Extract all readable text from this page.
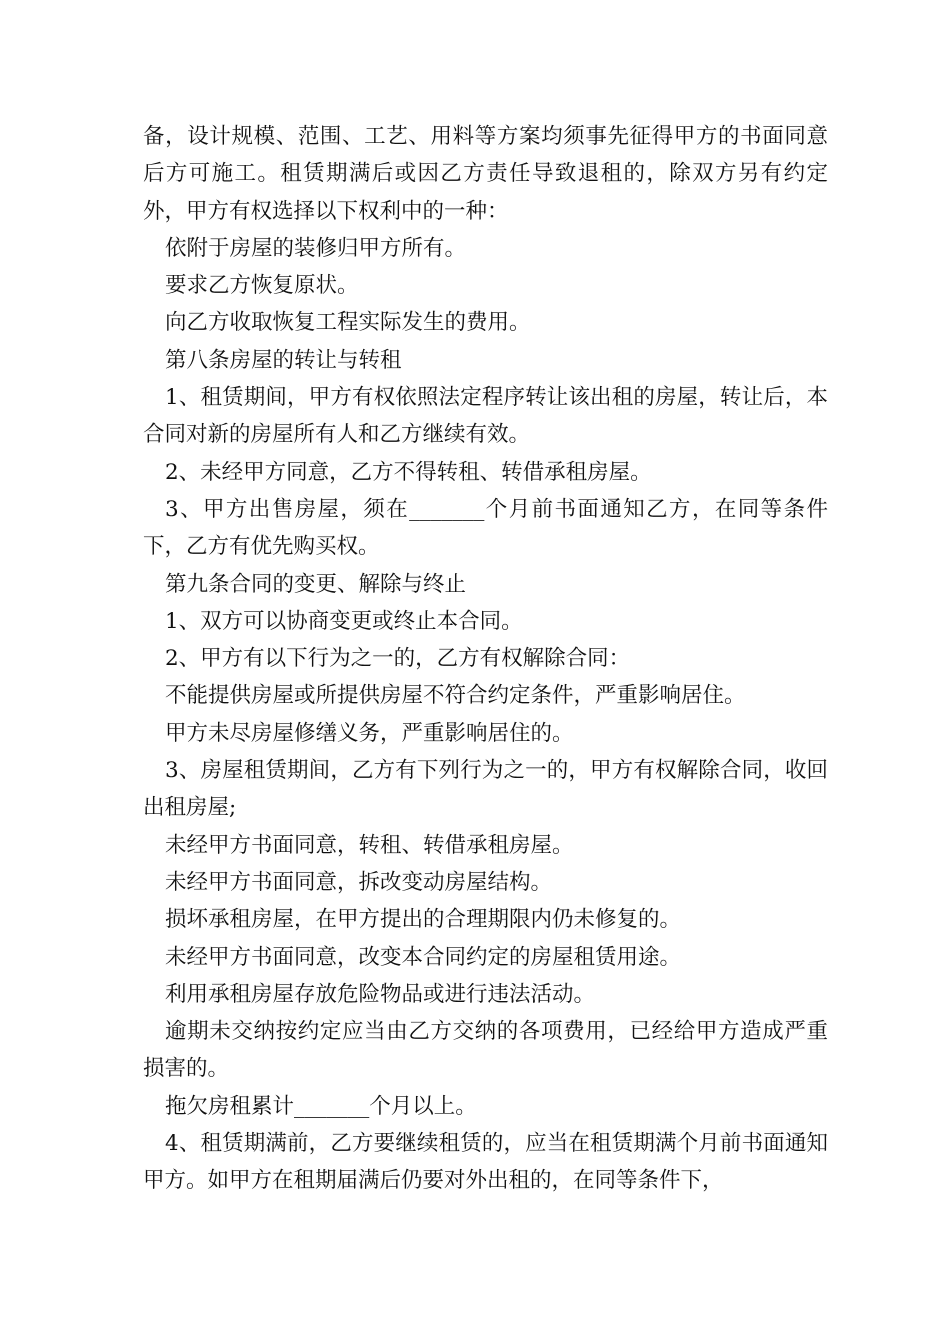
备，设计规模、范围、工艺、用料等方案均须事先征得甲方的书面同意后方可施工。租赁期满后或因乙方责任导致退租的，除双方另有约定外，甲方有权选择以下权利中的一种：

依附于房屋的装修归甲方所有。

要求乙方恢复原状。

向乙方收取恢复工程实际发生的费用。

第八条房屋的转让与转租

1、租赁期间，甲方有权依照法定程序转让该出租的房屋，转让后，本合同对新的房屋所有人和乙方继续有效。

2、未经甲方同意，乙方不得转租、转借承租房屋。

3、甲方出售房屋，须在_______个月前书面通知乙方，在同等条件下，乙方有优先购买权。

第九条合同的变更、解除与终止

1、双方可以协商变更或终止本合同。

2、甲方有以下行为之一的，乙方有权解除合同：

不能提供房屋或所提供房屋不符合约定条件，严重影响居住。

甲方未尽房屋修缮义务，严重影响居住的。

3、房屋租赁期间，乙方有下列行为之一的，甲方有权解除合同，收回出租房屋;

未经甲方书面同意，转租、转借承租房屋。

未经甲方书面同意，拆改变动房屋结构。

损坏承租房屋，在甲方提出的合理期限内仍未修复的。

未经甲方书面同意，改变本合同约定的房屋租赁用途。

利用承租房屋存放危险物品或进行违法活动。

逾期未交纳按约定应当由乙方交纳的各项费用，已经给甲方造成严重损害的。

拖欠房租累计_______个月以上。

4、租赁期满前，乙方要继续租赁的，应当在租赁期满个月前书面通知甲方。如甲方在租期届满后仍要对外出租的，在同等条件下，
